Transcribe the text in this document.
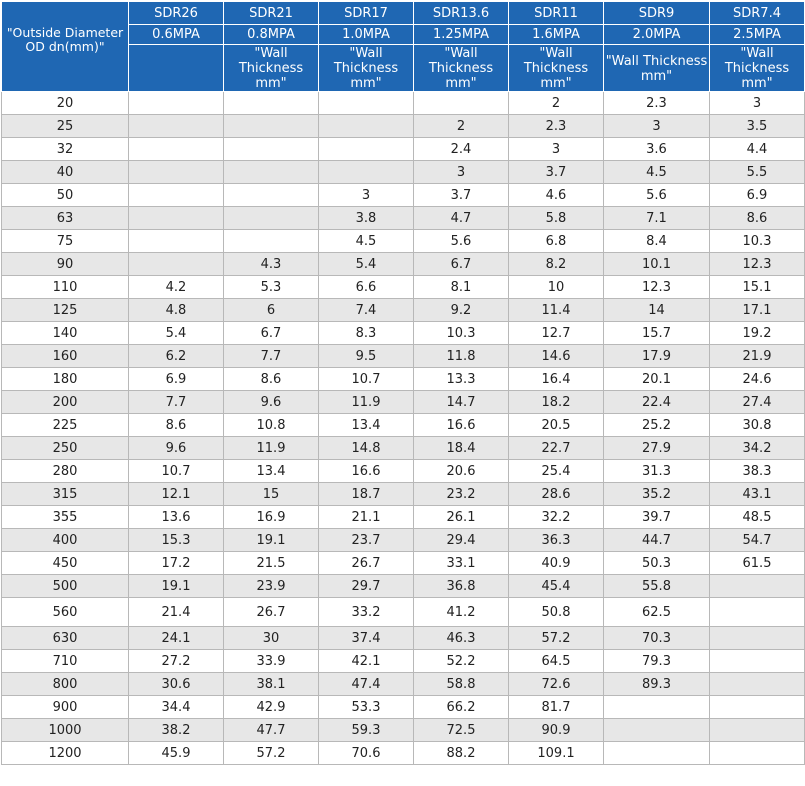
"Outside Diameter OD dn(mm)"	SDR26	SDR21	SDR17	SDR13.6	SDR11	SDR9	SDR7.4
	0.6MPA	0.8MPA	1.0MPA	1.25MPA	1.6MPA	2.0MPA	2.5MPA
		"Wall Thickness mm"	"Wall Thickness mm"	"Wall Thickness mm"	"Wall Thickness mm"	"Wall Thickness mm"	"Wall Thickness mm"
20					2	2.3	3
25				2	2.3	3	3.5
32				2.4	3	3.6	4.4
40				3	3.7	4.5	5.5
50			3	3.7	4.6	5.6	6.9
63			3.8	4.7	5.8	7.1	8.6
75			4.5	5.6	6.8	8.4	10.3
90		4.3	5.4	6.7	8.2	10.1	12.3
110	4.2	5.3	6.6	8.1	10	12.3	15.1
125	4.8	6	7.4	9.2	11.4	14	17.1
140	5.4	6.7	8.3	10.3	12.7	15.7	19.2
160	6.2	7.7	9.5	11.8	14.6	17.9	21.9
180	6.9	8.6	10.7	13.3	16.4	20.1	24.6
200	7.7	9.6	11.9	14.7	18.2	22.4	27.4
225	8.6	10.8	13.4	16.6	20.5	25.2	30.8
250	9.6	11.9	14.8	18.4	22.7	27.9	34.2
280	10.7	13.4	16.6	20.6	25.4	31.3	38.3
315	12.1	15	18.7	23.2	28.6	35.2	43.1
355	13.6	16.9	21.1	26.1	32.2	39.7	48.5
400	15.3	19.1	23.7	29.4	36.3	44.7	54.7
450	17.2	21.5	26.7	33.1	40.9	50.3	61.5
500	19.1	23.9	29.7	36.8	45.4	55.8	
560	21.4	26.7	33.2	41.2	50.8	62.5	
630	24.1	30	37.4	46.3	57.2	70.3	
710	27.2	33.9	42.1	52.2	64.5	79.3	
800	30.6	38.1	47.4	58.8	72.6	89.3	
900	34.4	42.9	53.3	66.2	81.7		
1000	38.2	47.7	59.3	72.5	90.9		
1200	45.9	57.2	70.6	88.2	109.1		
